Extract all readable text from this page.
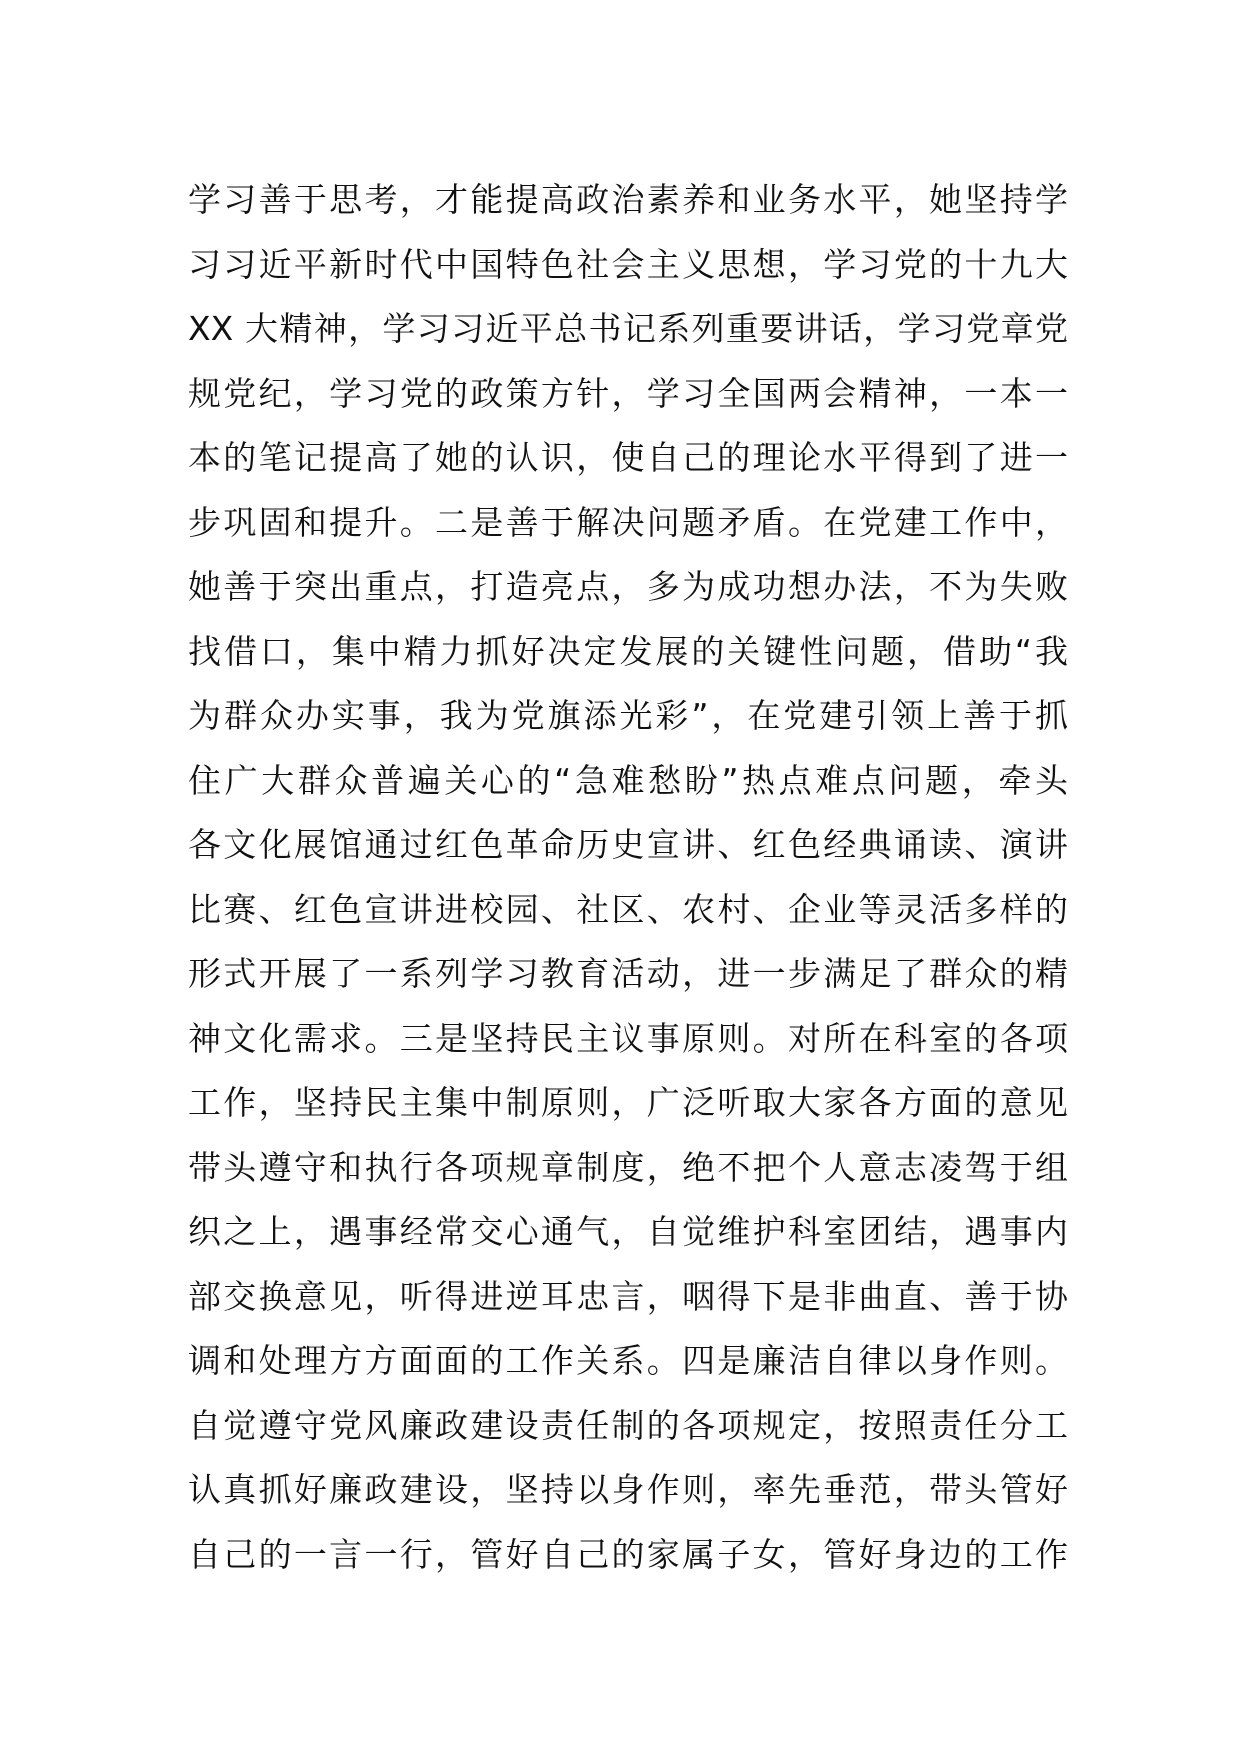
学习善于思考，才能提高政治素养和业务水平，她坚持学
习习近平新时代中国特色社会主义思想，学习党的十九大
XX 大精神，学习习近平总书记系列重要讲话，学习党章党
规党纪，学习党的政策方针，学习全国两会精神，一本一
本的笔记提高了她的认识，使自己的理论水平得到了进一
步巩固和提升。二是善于解决问题矛盾。在党建工作中，
她善于突出重点，打造亮点，多为成功想办法，不为失败
找借口，集中精力抓好决定发展的关键性问题，借助“我
为群众办实事，我为党旗添光彩”，在党建引领上善于抓
住广大群众普遍关心的“急难愁盼”热点难点问题，牵头
各文化展馆通过红色革命历史宣讲、红色经典诵读、演讲
比赛、红色宣讲进校园、社区、农村、企业等灵活多样的
形式开展了一系列学习教育活动，进一步满足了群众的精
神文化需求。三是坚持民主议事原则。对所在科室的各项
工作，坚持民主集中制原则，广泛听取大家各方面的意见
带头遵守和执行各项规章制度，绝不把个人意志凌驾于组
织之上，遇事经常交心通气，自觉维护科室团结，遇事内
部交换意见，听得进逆耳忠言，咽得下是非曲直、善于协
调和处理方方面面的工作关系。四是廉洁自律以身作则。
自觉遵守党风廉政建设责任制的各项规定，按照责任分工
认真抓好廉政建设，坚持以身作则，率先垂范，带头管好
自己的一言一行，管好自己的家属子女，管好身边的工作
